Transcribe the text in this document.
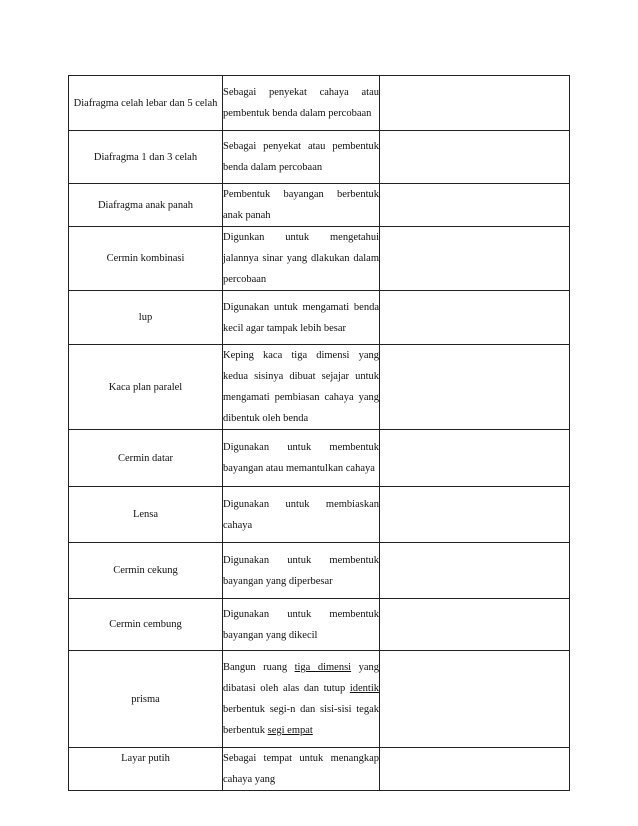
Diafragma celah lebar dan 5 celah	Sebagai penyekat cahaya atau pembentuk benda dalam percobaan	
Diafragma 1 dan 3 celah	Sebagai penyekat atau pembentuk benda dalam percobaan	
Diafragma anak panah	Pembentuk bayangan berbentuk anak panah	
Cermin kombinasi	Digunkan untuk mengetahui jalannya sinar yang dlakukan dalam percobaan	
lup	Digunakan untuk mengamati benda kecil agar tampak lebih besar	
Kaca plan paralel	Keping kaca tiga dimensi yang kedua sisinya dibuat sejajar untuk mengamati pembiasan cahaya yang dibentuk oleh benda	
Cermin datar	Digunakan untuk membentuk bayangan atau memantulkan cahaya	
Lensa	Digunakan untuk membiaskan cahaya	
Cermin cekung	Digunakan untuk membentuk bayangan yang diperbesar	
Cermin cembung	Digunakan untuk membentuk bayangan yang dikecil	
prisma	Bangun ruang tiga dimensi yang dibatasi oleh alas dan tutup identik berbentuk segi-n dan sisi-sisi tegak berbentuk segi empat	
Layar putih	Sebagai tempat untuk menangkap cahaya yang	
